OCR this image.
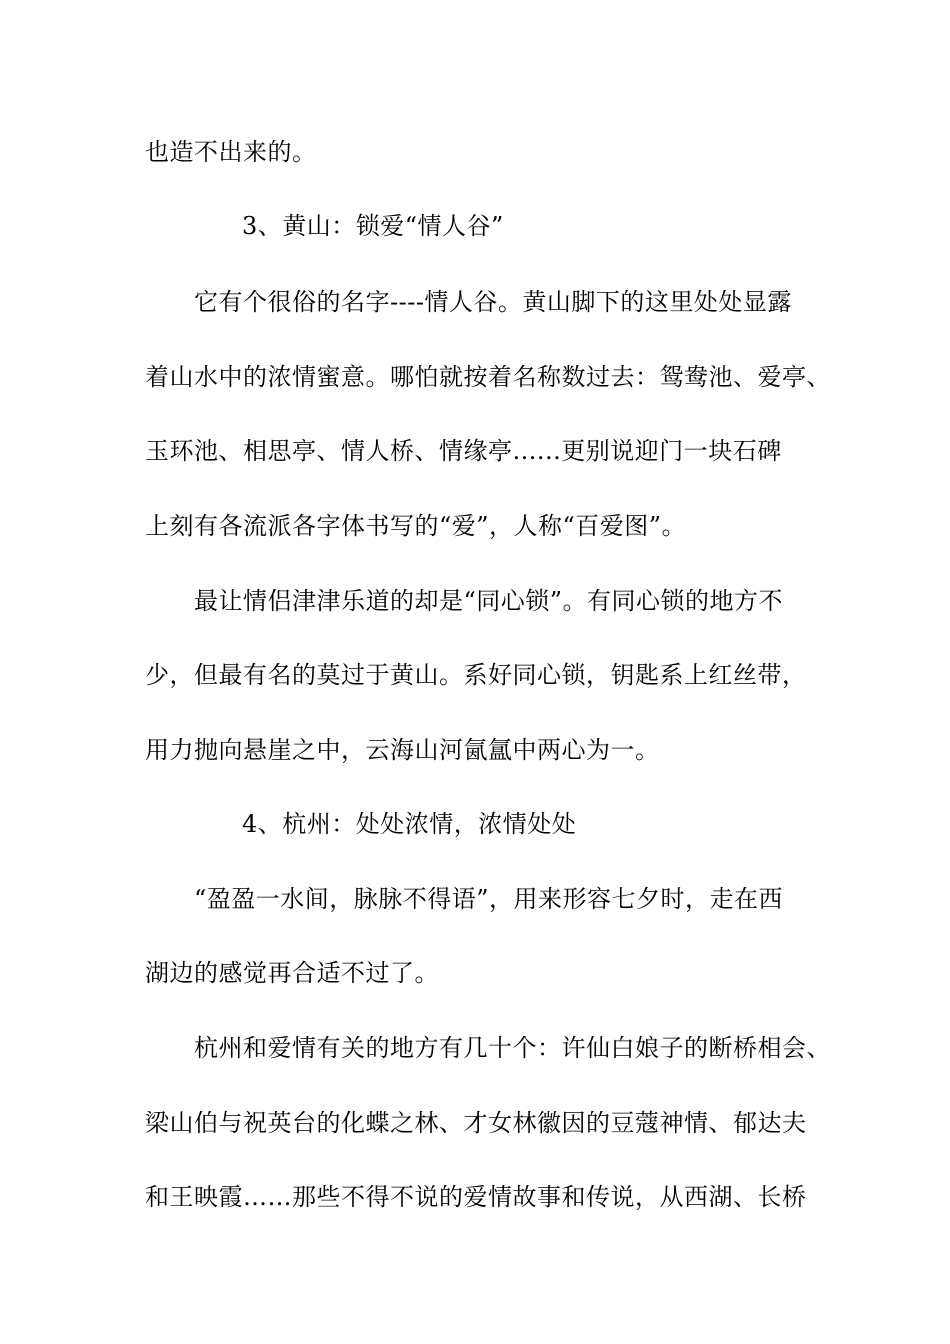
也造不出来的。
3、黄山：锁爱“情人谷”
它有个很俗的名字----情人谷。黄山脚下的这里处处显露
着山水中的浓情蜜意。哪怕就按着名称数过去：鸳鸯池、爱亭、
玉环池、相思亭、情人桥、情缘亭......更别说迎门一块石碑
上刻有各流派各字体书写的“爱”，人称“百爱图”。
最让情侣津津乐道的却是“同心锁”。有同心锁的地方不
少，但最有名的莫过于黄山。系好同心锁，钥匙系上红丝带，
用力抛向悬崖之中，云海山河氤氲中两心为一。
4、杭州：处处浓情，浓情处处
“盈盈一水间，脉脉不得语”，用来形容七夕时，走在西
湖边的感觉再合适不过了。
杭州和爱情有关的地方有几十个：许仙白娘子的断桥相会、
梁山伯与祝英台的化蝶之林、才女林徽因的豆蔻神情、郁达夫
和王映霞……那些不得不说的爱情故事和传说，从西湖、长桥
